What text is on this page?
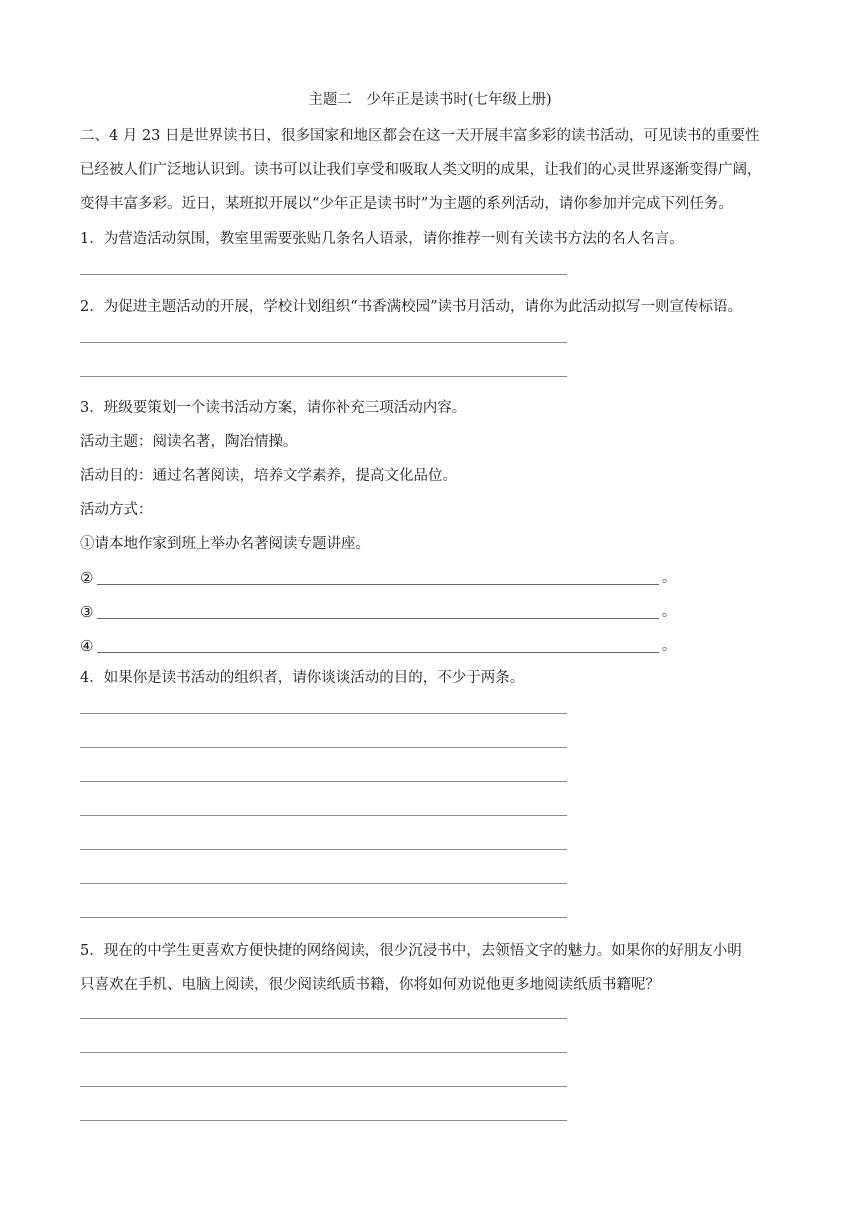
主题二　少年正是读书时(七年级上册)
二、4 月 23 日是世界读书日，很多国家和地区都会在这一天开展丰富多彩的读书活动，可见读书的重要性
已经被人们广泛地认识到。读书可以让我们享受和吸取人类文明的成果，让我们的心灵世界逐渐变得广阔，
变得丰富多彩。近日，某班拟开展以“少年正是读书时”为主题的系列活动，请你参加并完成下列任务。
1．为营造活动氛围，教室里需要张贴几条名人语录，请你推荐一则有关读书方法的名人名言。
2．为促进主题活动的开展，学校计划组织“书香满校园”读书月活动，请你为此活动拟写一则宣传标语。
3．班级要策划一个读书活动方案，请你补充三项活动内容。
活动主题：阅读名著，陶冶情操。
活动目的：通过名著阅读，培养文学素养，提高文化品位。
活动方式：
①请本地作家到班上举办名著阅读专题讲座。
②	。
③	。
④	。
4．如果你是读书活动的组织者，请你谈谈活动的目的，不少于两条。
5．现在的中学生更喜欢方便快捷的网络阅读，很少沉浸书中，去领悟文字的魅力。如果你的好朋友小明
只喜欢在手机、电脑上阅读，很少阅读纸质书籍，你将如何劝说他更多地阅读纸质书籍呢？
